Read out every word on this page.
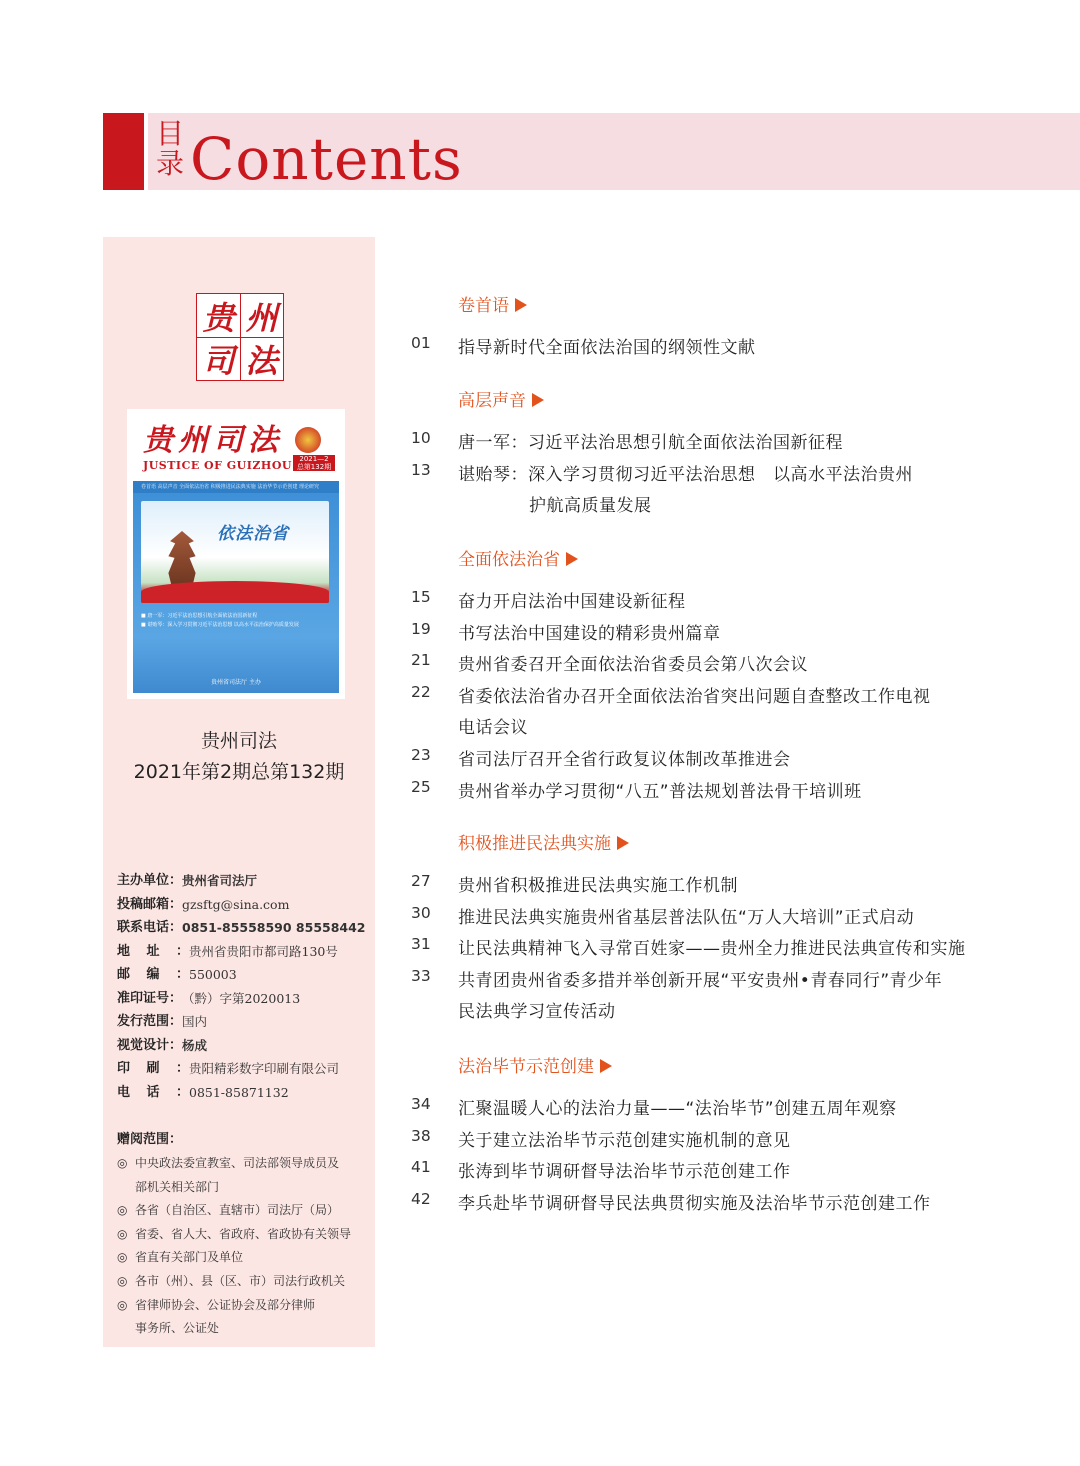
目
录 Contents
贵 州
司 法
贵州司法
JUSTICE OF GUIZHOU	2021—2
总第132期
卷首语 高层声音 全面依法治省 积极推进民法典实施 法治毕节示范创建 理论研究
依法治省
■ 唐一军：习近平法治思想引航全面依法治国新征程
■ 谌贻琴：深入学习贯彻习近平法治思想 以高水平法治保护高质量发展
贵州省司法厅 主办
贵州司法
2021年第2期总第132期
主办单位： 贵州省司法厅
投稿邮箱： gzsftg@sina.com
联系电话： 0851-85558590 85558442
地 址 ： 贵州省贵阳市都司路130号
邮 编 ： 550003
准印证号： （黔）字第2020013
发行范围： 国内
视觉设计： 杨成
印 刷 ： 贵阳精彩数字印刷有限公司
电 话 ： 0851-85871132
赠阅范围：
◎ 中央政法委宣教室、司法部领导成员及
部机关相关部门
◎ 各省（自治区、直辖市）司法厅（局）
◎ 省委、省人大、省政府、省政协有关领导
◎ 省直有关部门及单位
◎ 各市（州）、县（区、市）司法行政机关
◎ 省律师协会、公证协会及部分律师
事务所、公证处
卷首语
01 指导新时代全面依法治国的纲领性文献
高层声音
10 唐一军：习近平法治思想引航全面依法治国新征程
13 谌贻琴：深入学习贯彻习近平法治思想　以高水平法治贵州
护航高质量发展
全面依法治省
15 奋力开启法治中国建设新征程
19 书写法治中国建设的精彩贵州篇章
21 贵州省委召开全面依法治省委员会第八次会议
22 省委依法治省办召开全面依法治省突出问题自查整改工作电视
电话会议
23 省司法厅召开全省行政复议体制改革推进会
25 贵州省举办学习贯彻“八五”普法规划普法骨干培训班
积极推进民法典实施
27 贵州省积极推进民法典实施工作机制
30 推进民法典实施贵州省基层普法队伍“万人大培训”正式启动
31 让民法典精神飞入寻常百姓家——贵州全力推进民法典宣传和实施
33 共青团贵州省委多措并举创新开展“平安贵州•青春同行”青少年
民法典学习宣传活动
法治毕节示范创建
34 汇聚温暖人心的法治力量——“法治毕节”创建五周年观察
38 关于建立法治毕节示范创建实施机制的意见
41 张涛到毕节调研督导法治毕节示范创建工作
42 李兵赴毕节调研督导民法典贯彻实施及法治毕节示范创建工作
